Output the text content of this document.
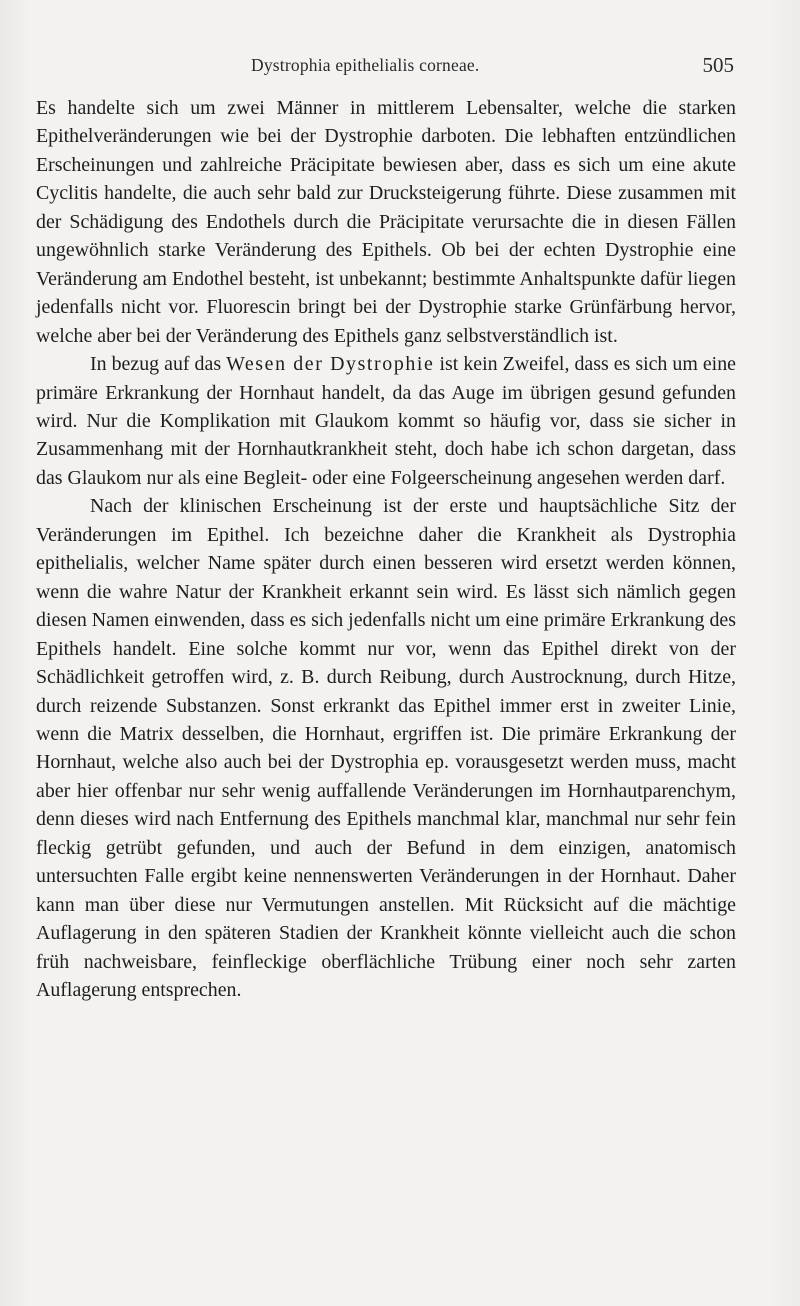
Dystrophia epithelialis corneae.	505

Es handelte sich um zwei Männer in mittlerem Lebensalter, welche die starken Epithelveränderungen wie bei der Dystrophie darboten. Die lebhaften entzündlichen Erscheinungen und zahlreiche Präcipitate bewiesen aber, dass es sich um eine akute Cyclitis handelte, die auch sehr bald zur Drucksteigerung führte. Diese zusammen mit der Schädigung des Endothels durch die Präcipitate verursachte die in diesen Fällen ungewöhnlich starke Veränderung des Epithels. Ob bei der echten Dystrophie eine Veränderung am Endothel besteht, ist unbekannt; bestimmte Anhaltspunkte dafür liegen jedenfalls nicht vor. Fluorescin bringt bei der Dystrophie starke Grünfärbung hervor, welche aber bei der Veränderung des Epithels ganz selbstverständlich ist.

In bezug auf das Wesen der Dystrophie ist kein Zweifel, dass es sich um eine primäre Erkrankung der Hornhaut handelt, da das Auge im übrigen gesund gefunden wird. Nur die Komplikation mit Glaukom kommt so häufig vor, dass sie sicher in Zusammenhang mit der Hornhautkrankheit steht, doch habe ich schon dargetan, dass das Glaukom nur als eine Begleit- oder eine Folgeerscheinung angesehen werden darf.

Nach der klinischen Erscheinung ist der erste und hauptsächliche Sitz der Veränderungen im Epithel. Ich bezeichne daher die Krankheit als Dystrophia epithelialis, welcher Name später durch einen besseren wird ersetzt werden können, wenn die wahre Natur der Krankheit erkannt sein wird. Es lässt sich nämlich gegen diesen Namen einwenden, dass es sich jedenfalls nicht um eine primäre Erkrankung des Epithels handelt. Eine solche kommt nur vor, wenn das Epithel direkt von der Schädlichkeit getroffen wird, z. B. durch Reibung, durch Austrocknung, durch Hitze, durch reizende Substanzen. Sonst erkrankt das Epithel immer erst in zweiter Linie, wenn die Matrix desselben, die Hornhaut, ergriffen ist. Die primäre Erkrankung der Hornhaut, welche also auch bei der Dystrophia ep. vorausgesetzt werden muss, macht aber hier offenbar nur sehr wenig auffallende Veränderungen im Hornhautparenchym, denn dieses wird nach Entfernung des Epithels manchmal klar, manchmal nur sehr fein fleckig getrübt gefunden, und auch der Befund in dem einzigen, anatomisch untersuchten Falle ergibt keine nennenswerten Veränderungen in der Hornhaut. Daher kann man über diese nur Vermutungen anstellen. Mit Rücksicht auf die mächtige Auflagerung in den späteren Stadien der Krankheit könnte vielleicht auch die schon früh nachweisbare, feinfleckige oberflächliche Trübung einer noch sehr zarten Auflagerung entsprechen.
